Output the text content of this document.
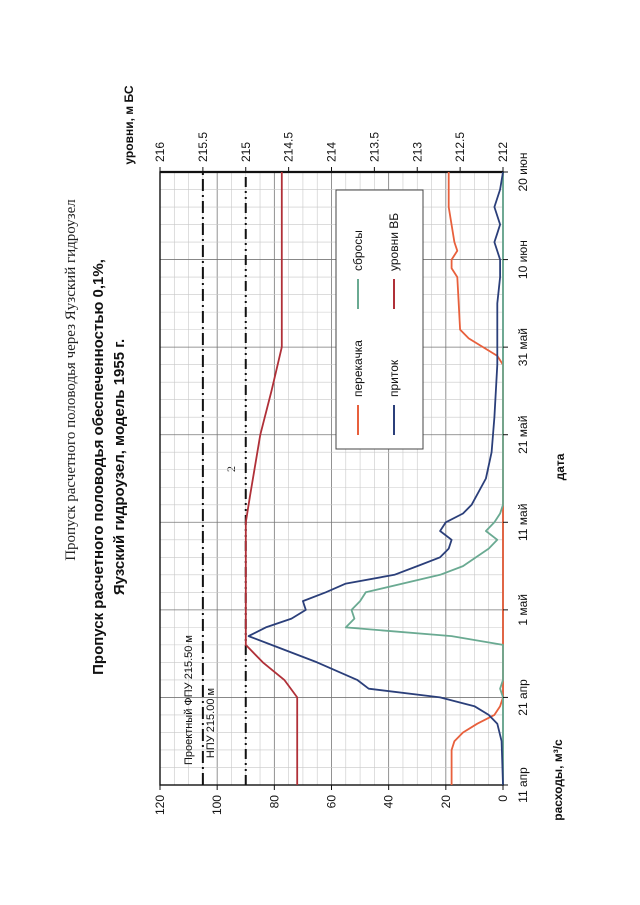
2
Пропуск расчетного половодья через Яузский гидроузел
0
20
40
60
80
100
120
212
212.5
213
213.5
214
214.5
215
215.5
216
11 апр
21 апр
1 май
11 май
21 май
31 май
10 июн
20 июн
Пропуск расчетного половодья обеспеченностью 0,1%, Яузский гидроузел, модель 1955 г.
расходы, м³/с
дата
уровни, м БС
Проектный ФПУ 215.50 м НПУ 215.00 м
перекачка
сбросы
приток
уровни ВБ
